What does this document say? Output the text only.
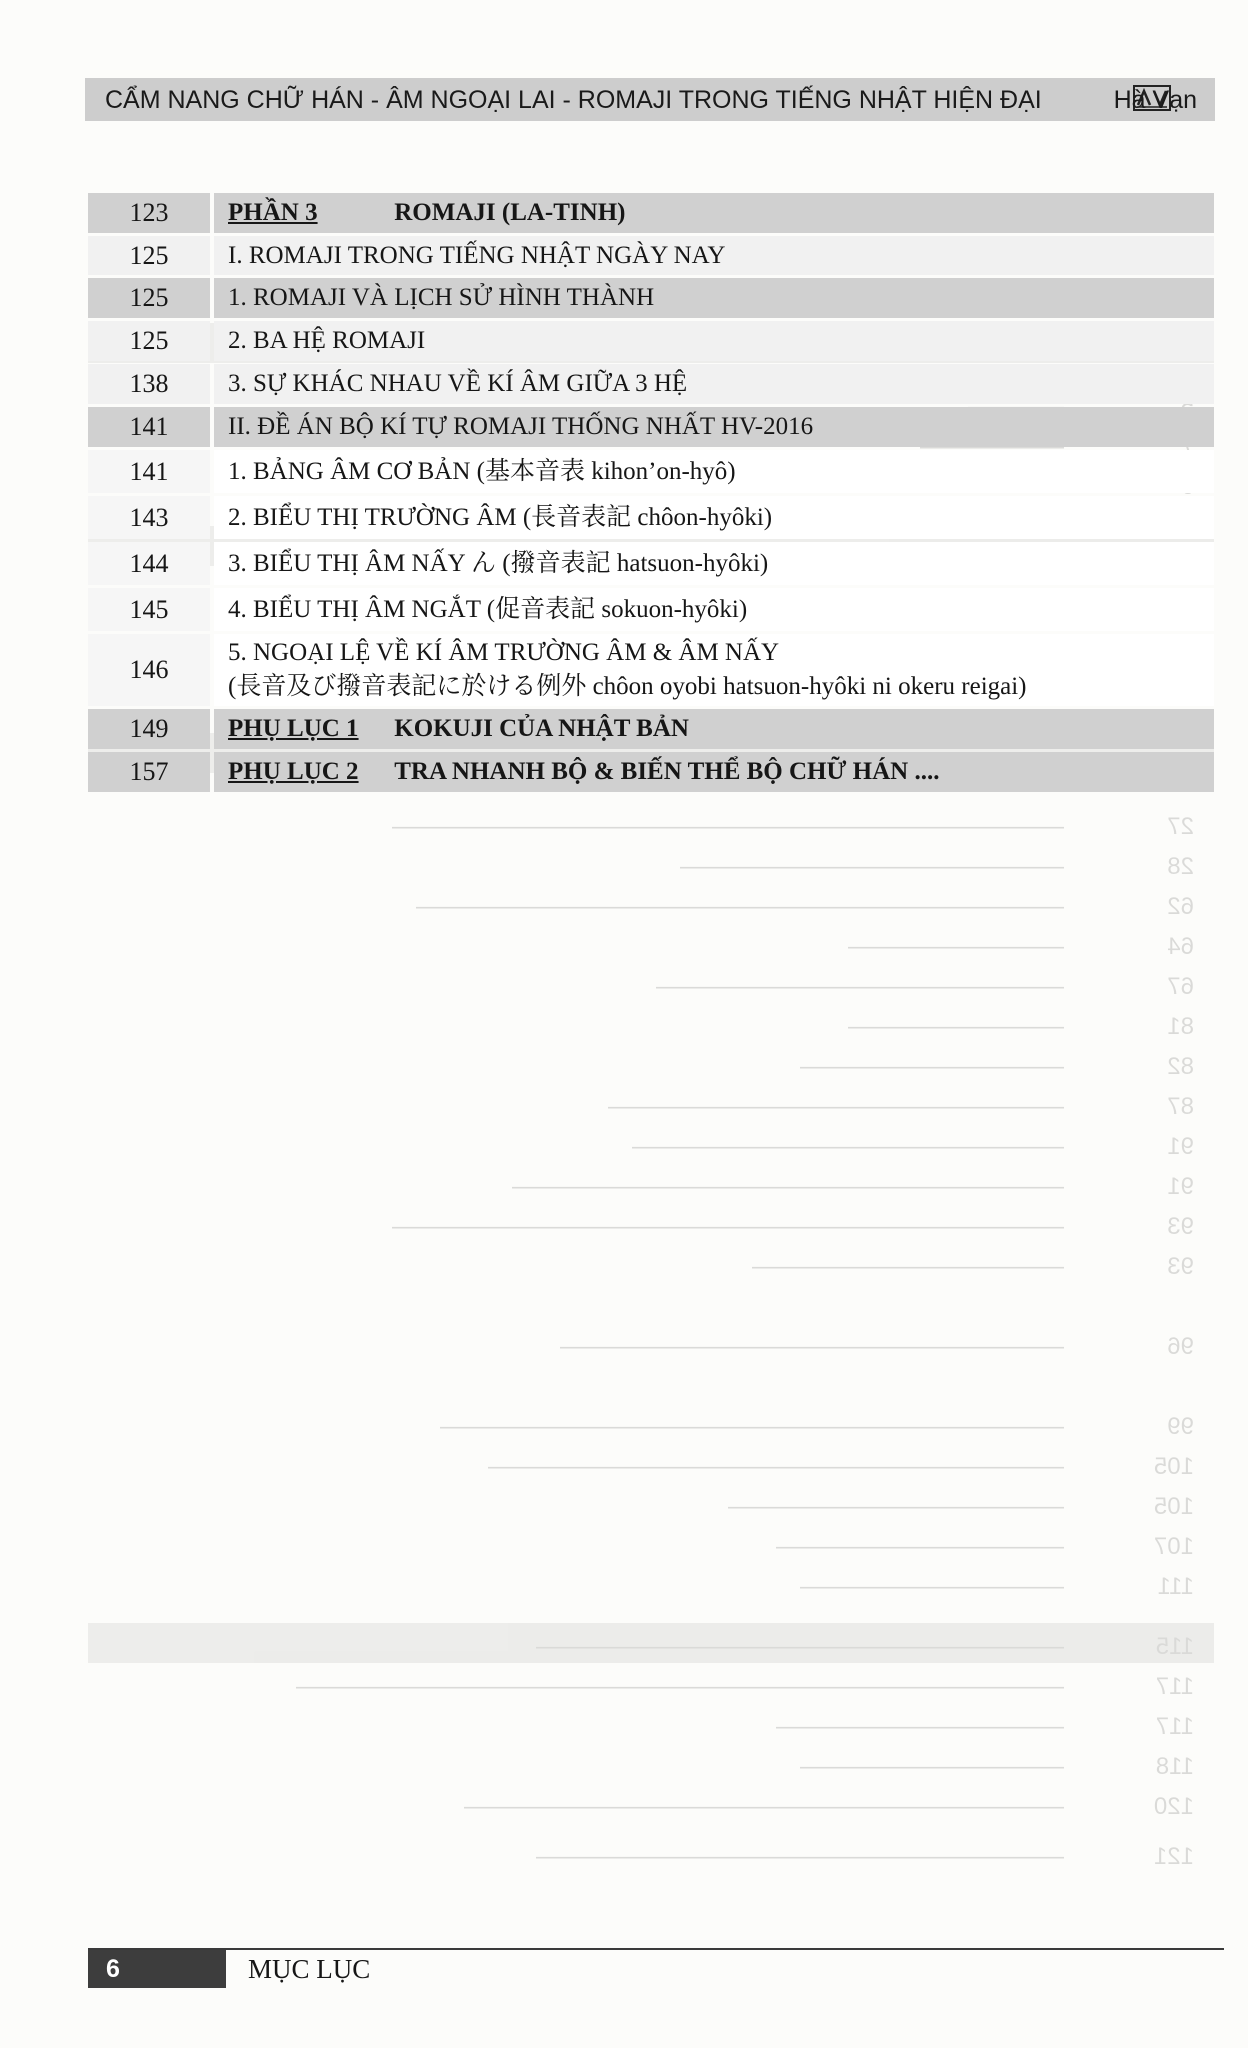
CẨM NANG CHỮ HÁN - ÂM NGOẠI LAI - ROMAJI TRONG TIẾNG NHẬT HIỆN ĐẠI	Hà Vạn
27
————————————————————————————
28
————————————————
62
———————————————————————————
64
—————————
67
—————————————————
81
—————————
82
———————————
87
———————————————————
91
——————————————————
91
———————————————————————
93
————————————————————————————
93
—————————————
96
—————————————————————
99
——————————————————————————
105
————————————————————————
105
——————————————
107
————————————
111
———————————
115
——————————————————————
117
————————————————————————————————
117
————————————
118
———————————
120
—————————————————————————
121
——————————————————————
123	PHẦN 3	ROMAJI (LA-TINH)
125	I. ROMAJI TRONG TIẾNG NHẬT NGÀY NAY
125	1. ROMAJI VÀ LỊCH SỬ HÌNH THÀNH
125	2. BA HỆ ROMAJI
138	3. SỰ KHÁC NHAU VỀ KÍ ÂM GIỮA 3 HỆ
141	II. ĐỀ ÁN BỘ KÍ TỰ ROMAJI THỐNG NHẤT HV-2016
141	1. BẢNG ÂM CƠ BẢN (基本音表 kihon’on-hyô)
143	2. BIỂU THỊ TRƯỜNG ÂM (長音表記 chôon-hyôki)
144	3. BIỂU THỊ ÂM NẤY ん (撥音表記 hatsuon-hyôki)
145	4. BIỂU THỊ ÂM NGẮT (促音表記 sokuon-hyôki)
146
5. NGOẠI LỆ VỀ KÍ ÂM TRƯỜNG ÂM & ÂM NẤY
(長音及び撥音表記に於ける例外 chôon oyobi hatsuon-hyôki ni okeru reigai)
149	PHỤ LỤC 1 KOKUJI CỦA NHẬT BẢN
157	PHỤ LỤC 2 TRA NHANH BỘ & BIẾN THỂ BỘ CHỮ HÁN ....
6	MỤC LỤC
